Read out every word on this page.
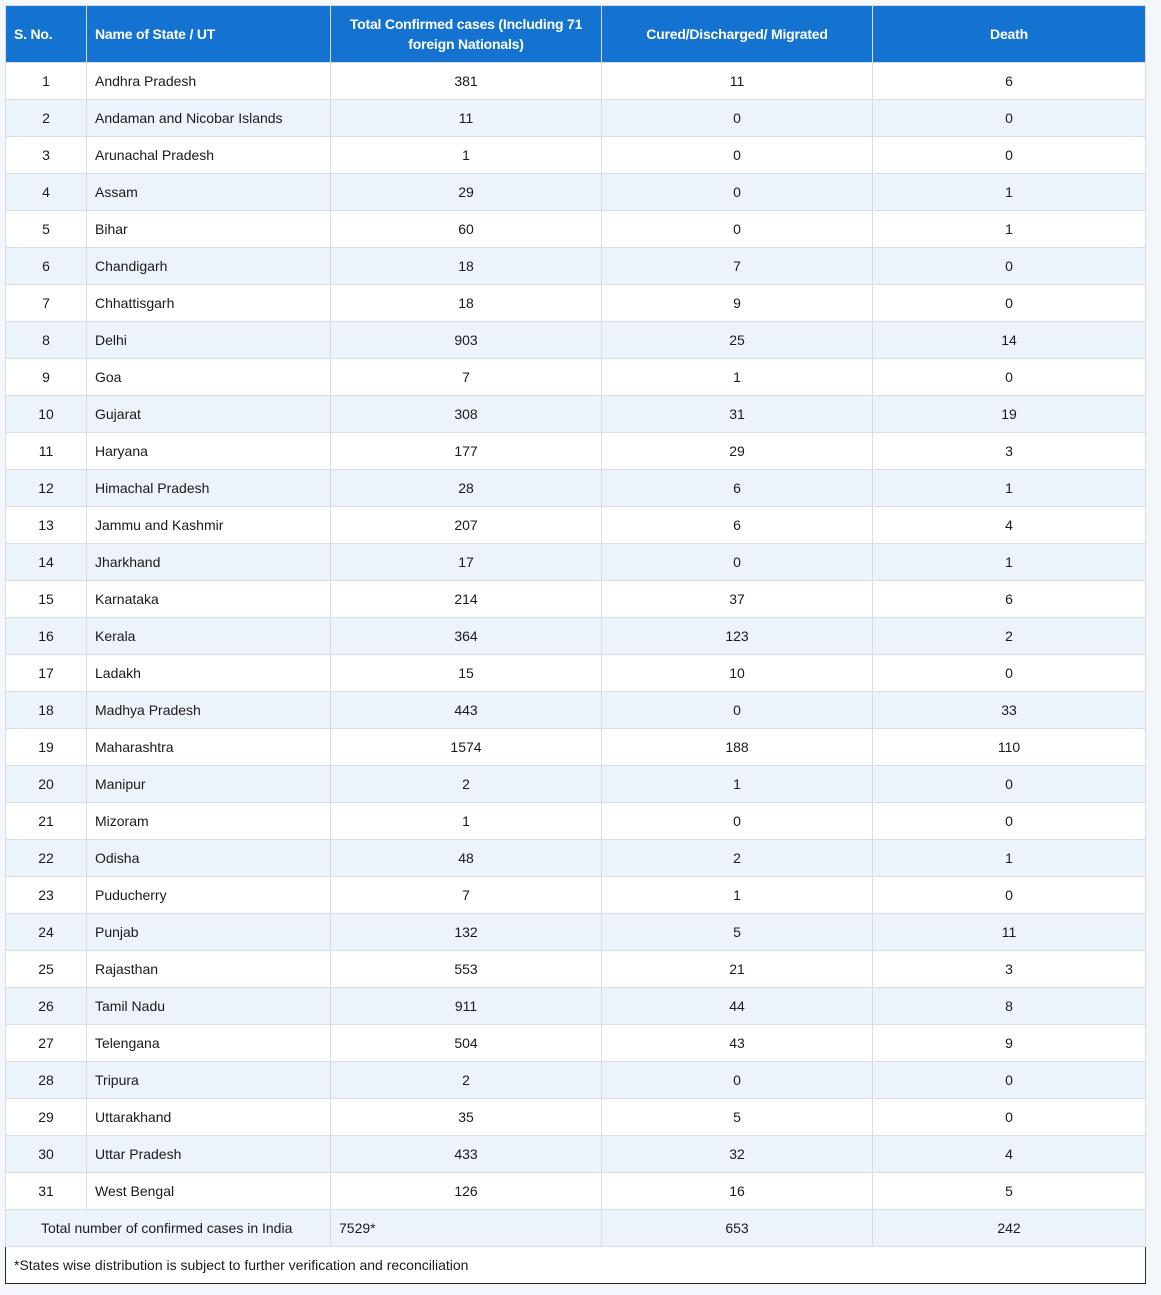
S. No.	Name of State / UT	Total Confirmed cases (Including 71 foreign Nationals)	Cured/Discharged/ Migrated	Death
1	Andhra Pradesh	381	11	6
2	Andaman and Nicobar Islands	11	0	0
3	Arunachal Pradesh	1	0	0
4	Assam	29	0	1
5	Bihar	60	0	1
6	Chandigarh	18	7	0
7	Chhattisgarh	18	9	0
8	Delhi	903	25	14
9	Goa	7	1	0
10	Gujarat	308	31	19
11	Haryana	177	29	3
12	Himachal Pradesh	28	6	1
13	Jammu and Kashmir	207	6	4
14	Jharkhand	17	0	1
15	Karnataka	214	37	6
16	Kerala	364	123	2
17	Ladakh	15	10	0
18	Madhya Pradesh	443	0	33
19	Maharashtra	1574	188	110
20	Manipur	2	1	0
21	Mizoram	1	0	0
22	Odisha	48	2	1
23	Puducherry	7	1	0
24	Punjab	132	5	11
25	Rajasthan	553	21	3
26	Tamil Nadu	911	44	8
27	Telengana	504	43	9
28	Tripura	2	0	0
29	Uttarakhand	35	5	0
30	Uttar Pradesh	433	32	4
31	West Bengal	126	16	5
Total number of confirmed cases in India		7529*	653	242
*States wise distribution is subject to further verification and reconciliation				
